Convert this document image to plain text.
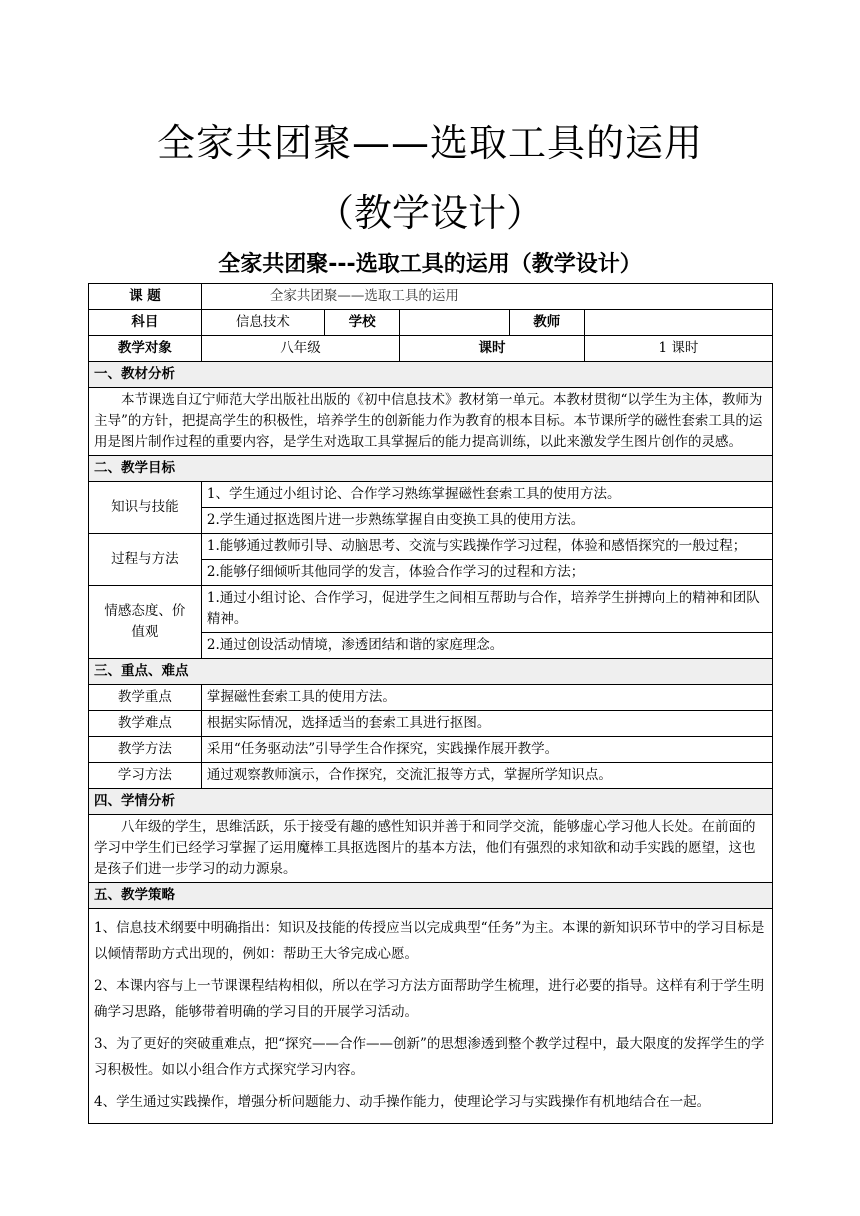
全家共团聚——选取工具的运用
（教学设计）
全家共团聚---选取工具的运用（教学设计）
课 题	全家共团聚——选取工具的运用				
科目	信息技术	学校		教师	
教学对象	八年级		课时		1 课时
一、教材分析					
本节课选自辽宁师范大学出版社出版的《初中信息技术》教材第一单元。本教材贯彻“以学生为主体，教师为主导”的方针，把提高学生的积极性，培养学生的创新能力作为教育的根本目标。本节课所学的磁性套索工具的运用是图片制作过程的重要内容，是学生对选取工具掌握后的能力提高训练，以此来激发学生图片创作的灵感。					
二、教学目标					
知识与技能	1、学生通过小组讨论、合作学习熟练掌握磁性套索工具的使用方法。				
	2.学生通过抠选图片进一步熟练掌握自由变换工具的使用方法。				
过程与方法	1.能够通过教师引导、动脑思考、交流与实践操作学习过程，体验和感悟探究的一般过程；				
	2.能够仔细倾听其他同学的发言，体验合作学习的过程和方法；				
情感态度、价值观	1.通过小组讨论、合作学习，促进学生之间相互帮助与合作，培养学生拼搏向上的精神和团队精神。				
	2.通过创设活动情境，渗透团结和谐的家庭理念。				
三、重点、难点					
教学重点	掌握磁性套索工具的使用方法。				
教学难点	根据实际情况，选择适当的套索工具进行抠图。				
教学方法	采用“任务驱动法”引导学生合作探究，实践操作展开教学。				
学习方法	通过观察教师演示，合作探究，交流汇报等方式，掌握所学知识点。				
四、学情分析					
八年级的学生，思维活跃，乐于接受有趣的感性知识并善于和同学交流，能够虚心学习他人长处。在前面的学习中学生们已经学习掌握了运用魔棒工具抠选图片的基本方法，他们有强烈的求知欲和动手实践的愿望，这也是孩子们进一步学习的动力源泉。					
五、教学策略					

1、信息技术纲要中明确指出：知识及技能的传授应当以完成典型“任务”为主。本课的新知识环节中的学习目标是以倾情帮助方式出现的，例如：帮助王大爷完成心愿。

2、本课内容与上一节课课程结构相似，所以在学习方法方面帮助学生梳理，进行必要的指导。这样有利于学生明确学习思路，能够带着明确的学习目的开展学习活动。

3、为了更好的突破重难点，把“探究——合作——创新”的思想渗透到整个教学过程中，最大限度的发挥学生的学习积极性。如以小组合作方式探究学习内容。

4、学生通过实践操作，增强分析问题能力、动手操作能力，使理论学习与实践操作有机地结合在一起。					
